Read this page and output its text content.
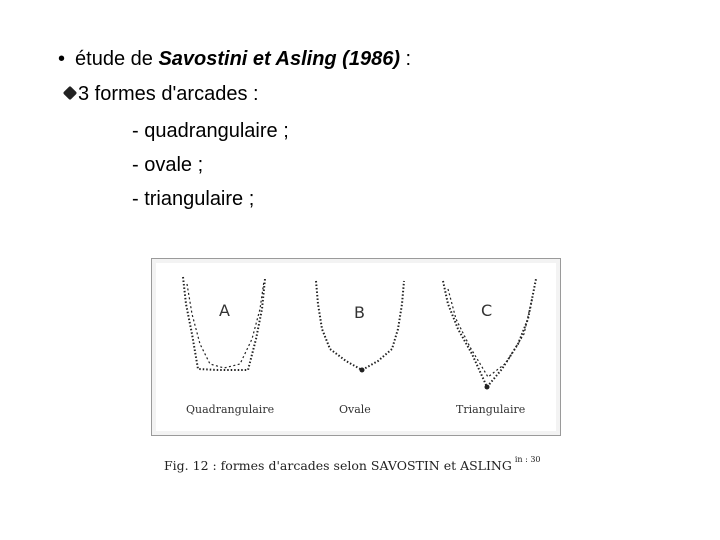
• étude de Savostini et Asling (1986) :
3 formes d'arcades :
- quadrangulaire ;
- ovale ;
- triangulaire ;
A	B	C
Quadrangulaire	Ovale	Triangulaire
Fig. 12 : formes d'arcades selon SAVOSTIN et ASLING $^{in : 30}$
